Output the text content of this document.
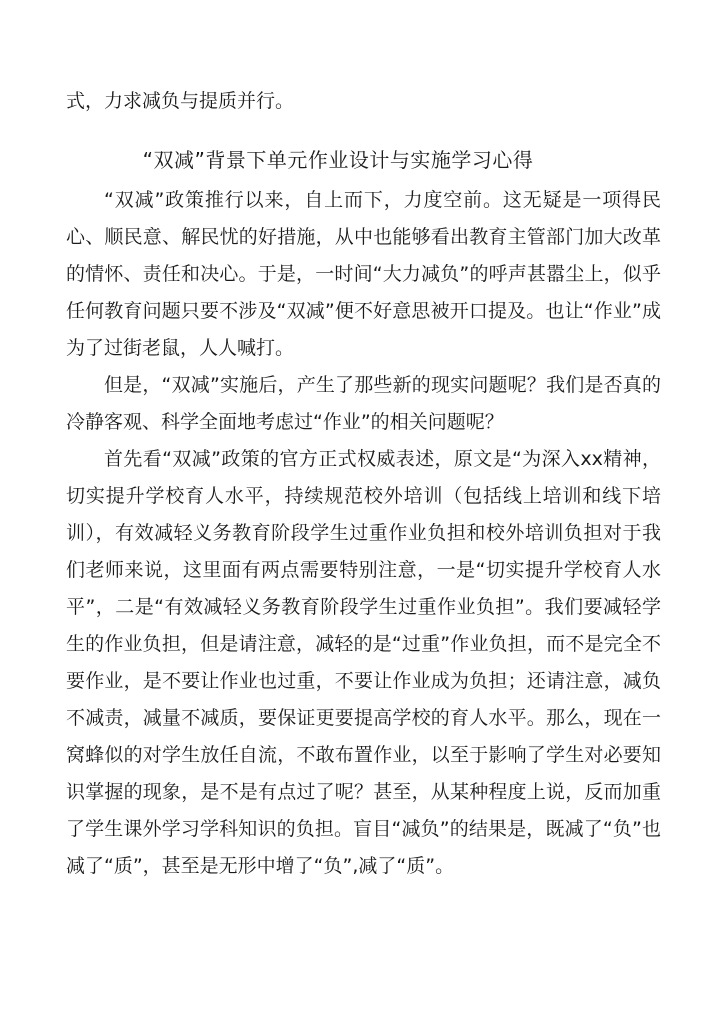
式，力求减负与提质并行。
“双减”背景下单元作业设计与实施学习心得

“双减”政策推行以来，自上而下，力度空前。这无疑是一项得民心、顺民意、解民忧的好措施，从中也能够看出教育主管部门加大改革的情怀、责任和决心。于是，一时间“大力减负”的呼声甚嚣尘上，似乎任何教育问题只要不涉及“双减”便不好意思被开口提及。也让“作业”成为了过街老鼠，人人喊打。

但是，“双减”实施后，产生了那些新的现实问题呢？我们是否真的冷静客观、科学全面地考虑过“作业”的相关问题呢？

首先看“双减”政策的官方正式权威表述，原文是“为深入xx精神，切实提升学校育人水平，持续规范校外培训（包括线上培训和线下培训），有效减轻义务教育阶段学生过重作业负担和校外培训负担对于我们老师来说，这里面有两点需要特别注意，一是“切实提升学校育人水平”，二是“有效减轻义务教育阶段学生过重作业负担”。我们要减轻学生的作业负担，但是请注意，减轻的是“过重”作业负担，而不是完全不要作业，是不要让作业也过重，不要让作业成为负担；还请注意，减负不减责，减量不减质，要保证更要提高学校的育人水平。那么，现在一窝蜂似的对学生放任自流，不敢布置作业，以至于影响了学生对必要知识掌握的现象，是不是有点过了呢？甚至，从某种程度上说，反而加重了学生课外学习学科知识的负担。盲目“减负”的结果是，既减了“负”也减了“质”，甚至是无形中增了“负”,减了“质”。
